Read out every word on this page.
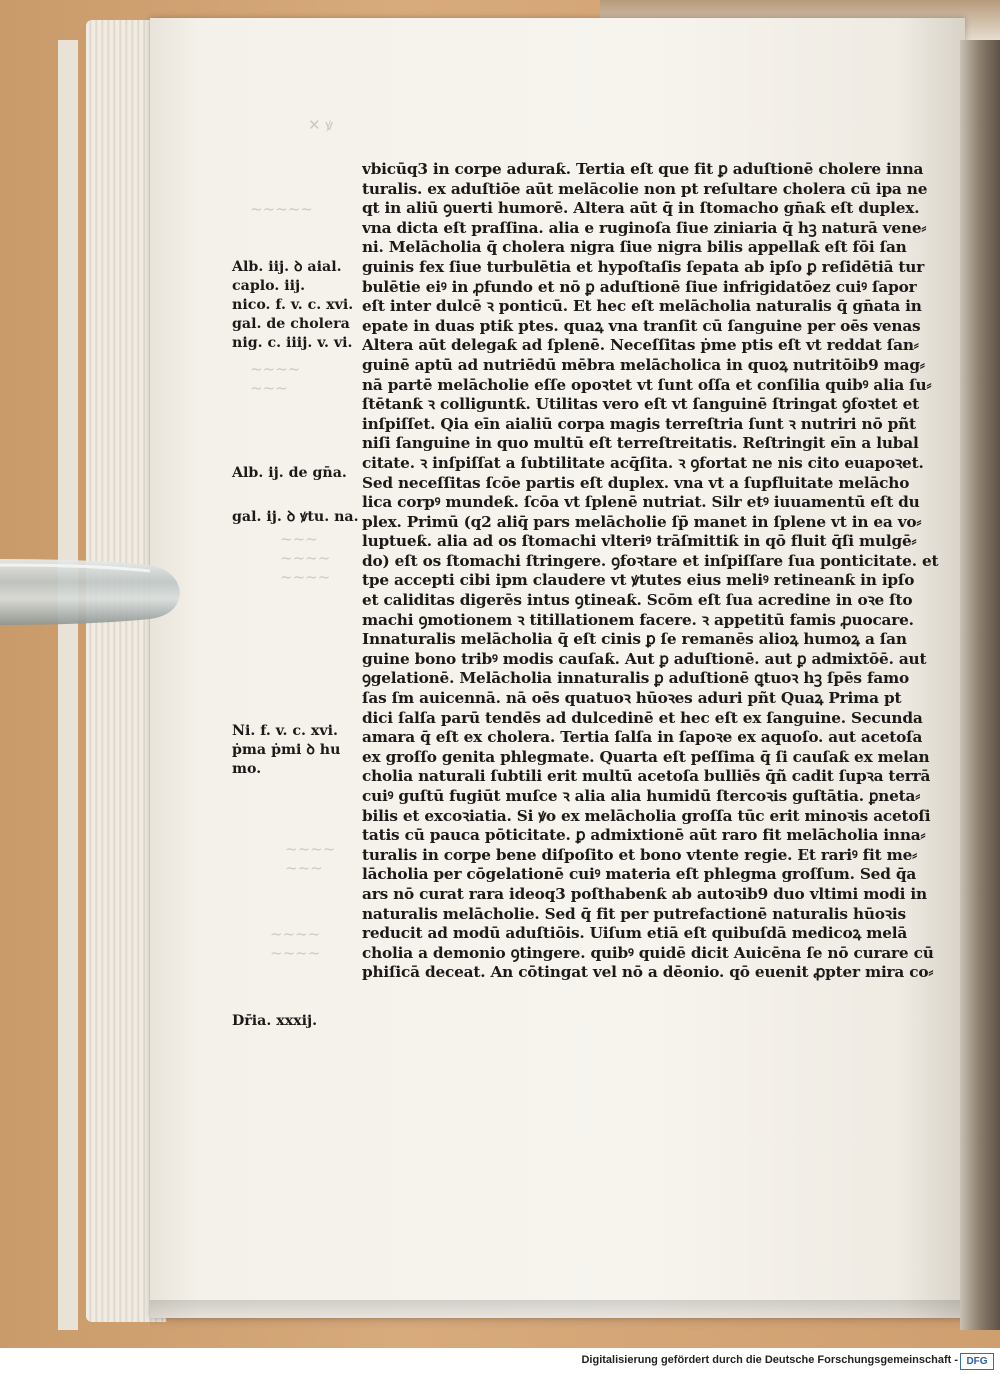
✕ ꝟ
~~~~~
~~~~
~~~
~~~
~~~~
~~~~
~~~~
~~~
~~~~
~~~~
Alb. iij. ꝺ aial.
caplo. iij.
nico. f. v. c. xvi.
gal. de cholera
nig. c. iiij. v. vi.
Alb. ij. de gn̄a.
gal. ij. ꝺ ꝟtu. na.
Ni. f. v. c. xvi.
ṗma ṗmi ꝺ hu
mo.
Dr̄ia. xxxij.
vbicūq3 in corpe aduraƙ. Tertia eſt que fit ꝑ aduſtionē cholere inna
turalis. ex aduſtiōe aūt melācolie non pt reſultare cholera cū ipa ne
qt in aliū ꝯuerti humorē. Altera aūt q̄ in ſtomacho gn̄aƙ eſt duplex.
vna dicta eſt praſſina. alia e ruginoſa ſiue ziniaria q̄ hꝫ naturā vene⸗
ni. Melācholia q̄ cholera nigra ſiue nigra bilis appellaƙ eſt fōi ſan
guinis fex ſiue turbulētia et hypoſtaſis ſepata ab ipſo ꝑ reſidētiā tur
bulētie eiꝰ in ꝓfundo et nō ꝑ aduſtionē ſiue infrigidatōez cuiꝰ ſapor
eſt inter dulcē ꝛ ponticū. Et hec eſt melācholia naturalis q̄ gn̄ata in
epate in duas ptiƙ ptes. quaꝝ vna tranſit cū ſanguine per oēs venas
Altera aūt delegaƙ ad ſplenē. Neceſſitas ṗme ptis eſt vt reddat ſan⸗
guinē aptū ad nutriēdū mēbra melācholica in quoꝝ nutritōib9 mag⸗
nā partē melācholie eſſe opoꝛtet vt ſunt oſſa et conſilia quibꝰ alia ſu⸗
ſtētanƙ ꝛ colliguntƙ. Utilitas vero eſt vt ſanguinē ſtringat ꝯfoꝛtet et
inſpiſſet. Qia eīn aialiū corpa magis terreſtria ſunt ꝛ nutriri nō pñt
niſi ſanguine in quo multū eſt terreſtreitatis. Reſtringit eīn a lubal
citate. ꝛ inſpiſſat a ſubtilitate acq̄ſita. ꝛ ꝯfortat ne nis cito euapoꝛet.
Sed neceſſitas ſcōe partis eſt duplex. vna vt a ſupfluitate melācho
lica corpꝰ mundeƙ. ſcōa vt ſplenē nutriat. Silr etꝰ iuuamentū eſt du
plex. Primū (q2 aliq̄ pars melācholie ſp̄ manet in ſplene vt in ea vo⸗
luptueƙ. alia ad os ſtomachi vlteriꝰ trāſmittiƙ in qō fluit q̄ſi mulgē⸗
do) eſt os ſtomachi ſtringere. ꝯfoꝛtare et inſpiſſare ſua ponticitate. et
tpe accepti cibi ipm claudere vt ꝟtutes eius meliꝰ retineanƙ in ipſo
et caliditas digerēs intus ꝯtineaƙ. Scōm eſt ſua acredine in oꝛe ſto
machi ꝯmotionem ꝛ titillationem facere. ꝛ appetitū famis ꝓuocare.
Innaturalis melācholia q̄ eſt cinis ꝑ ſe remanēs alioꝝ humoꝝ a ſan
guine bono tribꝰ modis cauſaƙ. Aut ꝑ aduſtionē. aut ꝑ admixtōē. aut
ꝯgelationē. Melācholia innaturalis ꝑ aduſtionē ꝗtuoꝛ hꝫ ſpēs famo
ſas ſm auicennā. nā oēs quatuoꝛ hūoꝛes aduri pñt Quaꝝ Prima pt
dici ſalſa parū tendēs ad dulcedinē et hec eſt ex ſanguine. Secunda
amara q̄ eſt ex cholera. Tertia ſalſa in ſapoꝛe ex aquoſo. aut acetoſa
ex groſſo genita phlegmate. Quarta eſt peſſima q̄ ſi cauſaƙ ex melan
cholia naturali ſubtili erit multū acetoſa bulliēs q̄ñ cadit ſupꝛa terrā
cuiꝰ guſtū fugiūt muſce ꝛ alia alia humidū ſtercoꝛis guſtātia. ꝑneta⸗
bilis et excoꝛiatia. Si ꝟo ex melācholia groſſa tūc erit minoꝛis acetoſi
tatis cū pauca pōticitate. ꝑ admixtionē aūt raro fit melācholia inna⸗
turalis in corpe bene diſpoſito et bono vtente regie. Et rariꝰ fit me⸗
lācholia per cōgelationē cuiꝰ materia eſt phlegma groſſum. Sed q̄a
ars nō curat rara ideoq3 poſthabenƙ ab autoꝛib9 duo vltimi modi in
naturalis melācholie. Sed q̄ fit per putrefactionē naturalis hūoꝛis
reducit ad modū aduſtiōis. Uiſum etiā eſt quibuſdā medicoꝝ melā
cholia a demonio ꝯtingere. quibꝰ quidē dicit Auicēna ſe nō curare cū
phiſicā deceat. An cōtingat vel nō a dēonio. qō euenit ꝓpter mira co⸗
Digitalisierung gefördert durch die Deutsche Forschungsgemeinschaft - DFG
